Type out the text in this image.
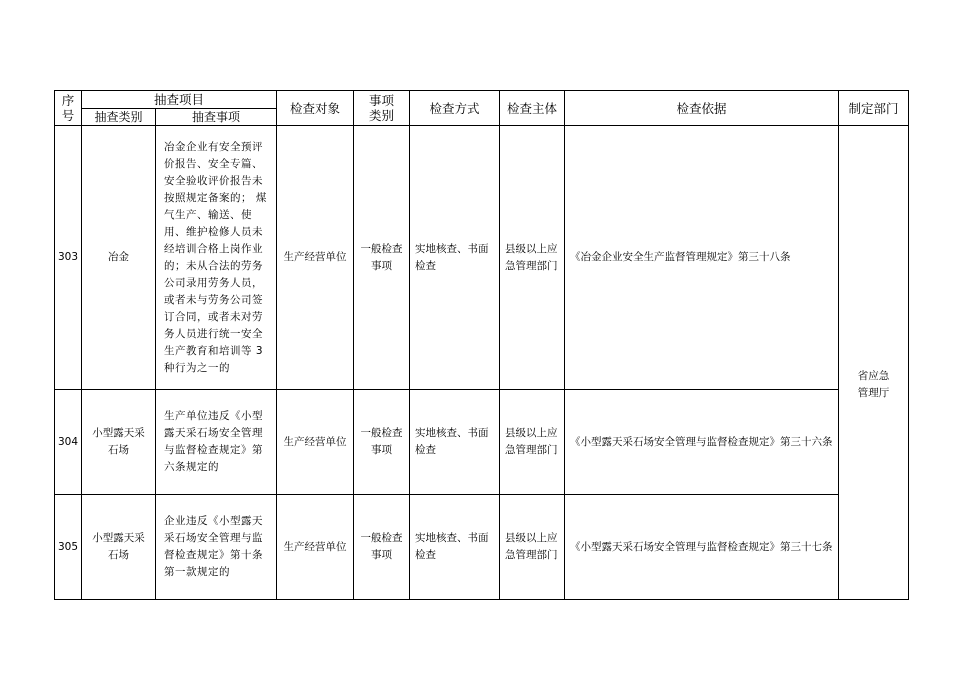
序号	抽查项目		检查对象	事项类别	检查方式	检查主体	检查依据	制定部门
	抽查类别	抽查事项						
303	冶金	冶金企业有安全预评价报告、安全专篇、安全验收评价报告未按照规定备案的； 煤气生产、输送、使用、维护检修人员未经培训合格上岗作业的；未从合法的劳务公司录用劳务人员，或者未与劳务公司签订合同，或者未对劳务人员进行统一安全生产教育和培训等 3 种行为之一的	生产经营单位	一般检查事项	实地核查、书面检查	县级以上应急管理部门	《冶金企业安全生产监督管理规定》第三十八条	省应急管理厅
304	小型露天采石场	生产单位违反《小型露天采石场安全管理与监督检查规定》第六条规定的	生产经营单位	一般检查事项	实地核查、书面检查	县级以上应急管理部门	《小型露天采石场安全管理与监督检查规定》第三十六条	
305	小型露天采石场	企业违反《小型露天采石场安全管理与监督检查规定》第十条第一款规定的	生产经营单位	一般检查事项	实地核查、书面检查	县级以上应急管理部门	《小型露天采石场安全管理与监督检查规定》第三十七条	
